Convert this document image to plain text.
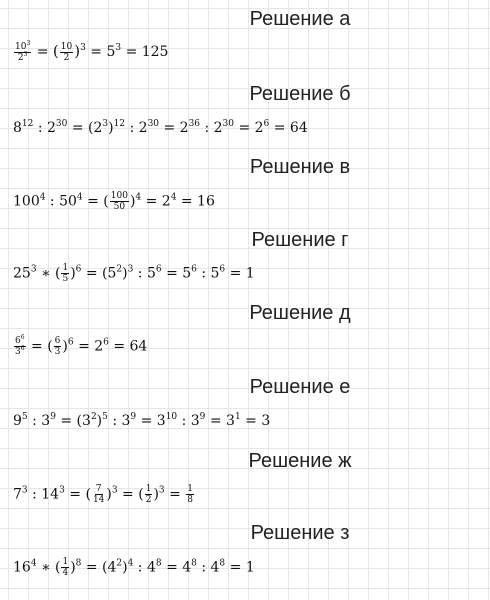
Решение а
$\frac{10^3}{2^3}$ = ( $\frac{10}{2} )^3 = 5^3 = 125$
Решение б
$8^{12}$ : $2^{30} = (2^3)^{12}$ : $2^{30} = 2^{36}$ : $2^{30} = 2^6 = 64$
Решение в
$100^4$ : $50^4$ = ( $\frac{100}{50} )^4 = 2^4 = 16$
Решение г
$25^3$ ∗ ( $\frac{1}{5} )^6 = (5^2)^3$ : $5^6 = 5^6$ : $5^6 = 1$
Решение д
$\frac{6^6}{3^6}$ = ( $\frac{6}{3} )^6 = 2^6 = 64$
Решение е
$9^5$ : $3^9 = (3^2)^5$ : $3^9 = 3^{10}$ : $3^9 = 3^1 = 3$
Решение ж
$7^3$ : $14^3$ = ( $\frac{7}{14} )^3$ = ( $\frac{1}{2} )^3 = \frac{1}{8}$
Решение з
$16^4$ ∗ ( $\frac{1}{4} )^8 = (4^2)^4$ : $4^8 = 4^8$ : $4^8 = 1$
